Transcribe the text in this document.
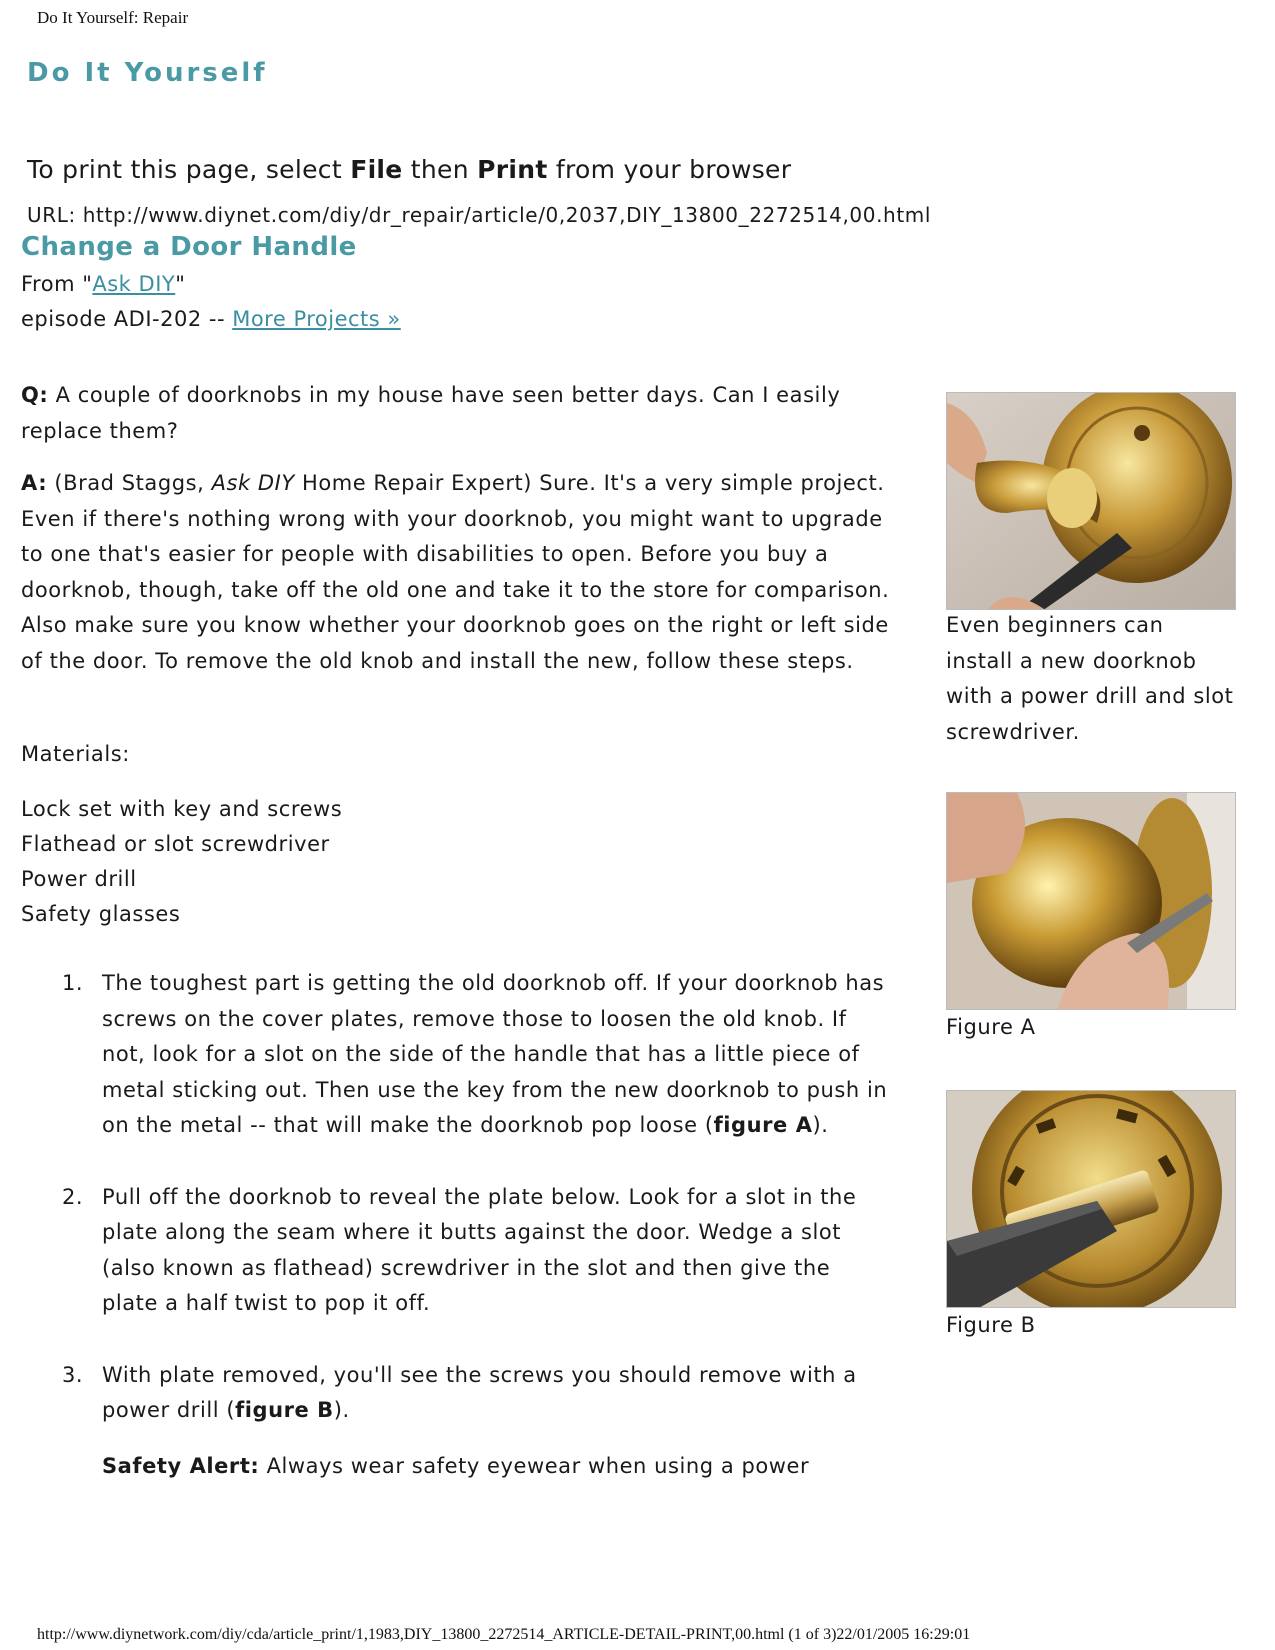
Do It Yourself: Repair
Do It Yourself
To print this page, select File then Print from your browser
URL: http://www.diynet.com/diy/dr_repair/article/0,2037,DIY_13800_2272514,00.html
Change a Door Handle
From "Ask DIY"
episode ADI-202 -- More Projects »
Q: A couple of doorknobs in my house have seen better days. Can I easily replace them?
A: (Brad Staggs, Ask DIY Home Repair Expert) Sure. It's a very simple project. Even if there's nothing wrong with your doorknob, you might want to upgrade to one that's easier for people with disabilities to open. Before you buy a doorknob, though, take off the old one and take it to the store for comparison. Also make sure you know whether your doorknob goes on the right or left side of the door. To remove the old knob and install the new, follow these steps.
Materials:
Lock set with key and screws
Flathead or slot screwdriver
Power drill
Safety glasses
1. The toughest part is getting the old doorknob off. If your doorknob has screws on the cover plates, remove those to loosen the old knob. If not, look for a slot on the side of the handle that has a little piece of metal sticking out. Then use the key from the new doorknob to push in on the metal -- that will make the doorknob pop loose (figure A).
2. Pull off the doorknob to reveal the plate below. Look for a slot in the plate along the seam where it butts against the door. Wedge a slot (also known as flathead) screwdriver in the slot and then give the plate a half twist to pop it off.
3. With plate removed, you'll see the screws you should remove with a power drill (figure B).
Safety Alert: Always wear safety eyewear when using a power
Even beginners can install a new doorknob with a power drill and slot screwdriver.
Figure A
Figure B
http://www.diynetwork.com/diy/cda/article_print/1,1983,DIY_13800_2272514_ARTICLE-DETAIL-PRINT,00.html (1 of 3)22/01/2005 16:29:01
